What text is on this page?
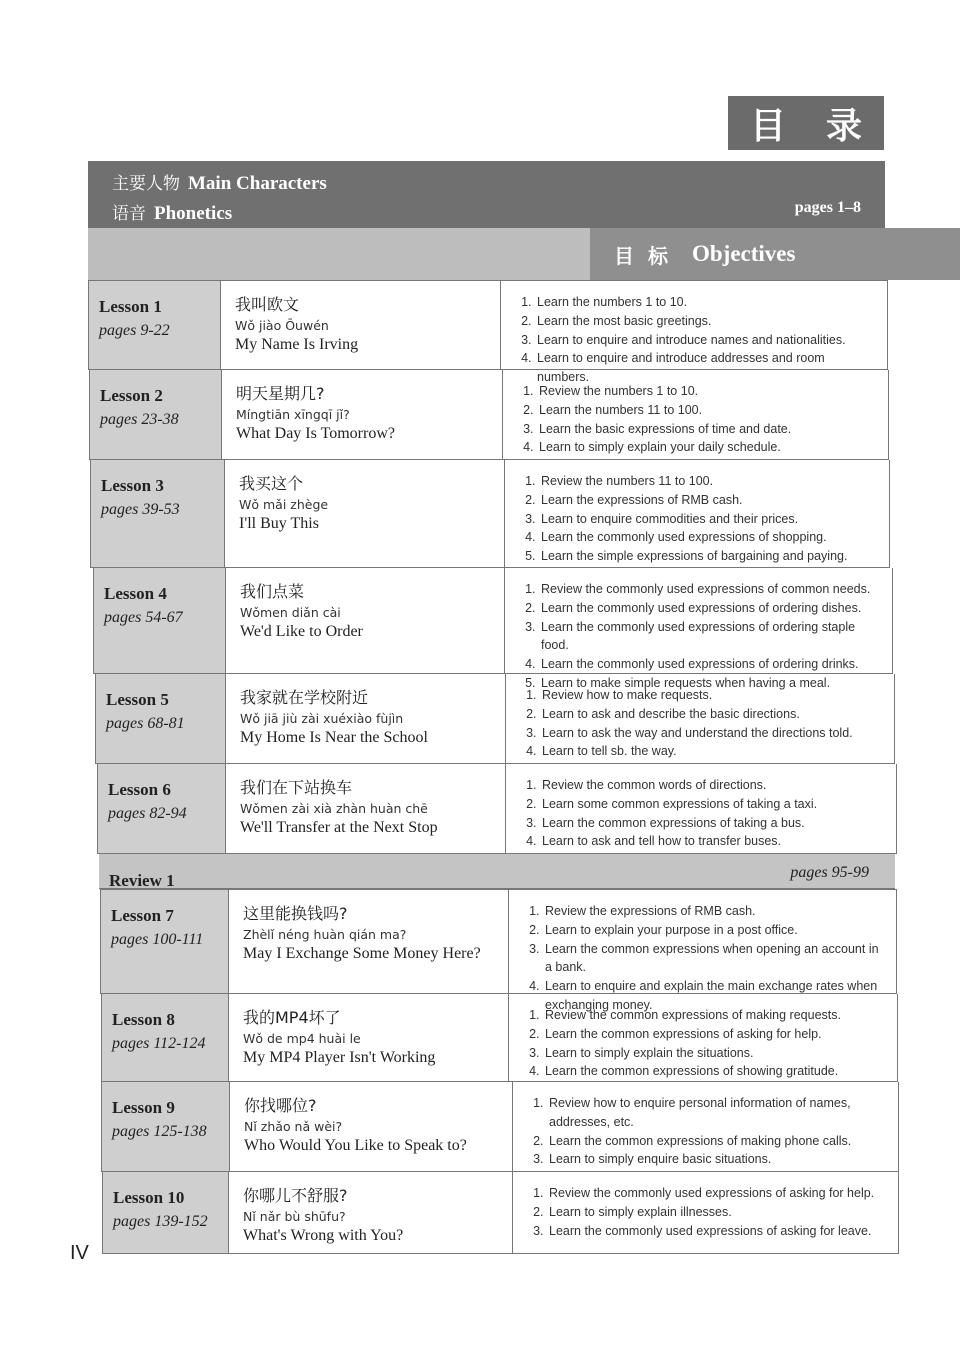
目 录
主要人物 Main Characters
语音 Phonetics	pages 1–8
目标 Objectives
Lesson 1
pages 9-22
我叫欧文
Wǒ jiào Ōuwén
My Name Is Irving
1. Learn the numbers 1 to 10.
2. Learn the most basic greetings.
3. Learn to enquire and introduce names and nationalities.
4. Learn to enquire and introduce addresses and room numbers.
Lesson 2
pages 23-38
明天星期几?
Míngtiān xīngqī jǐ?
What Day Is Tomorrow?
1. Review the numbers 1 to 10.
2. Learn the numbers 11 to 100.
3. Learn the basic expressions of time and date.
4. Learn to simply explain your daily schedule.
Lesson 3
pages 39-53
我买这个
Wǒ mǎi zhège
I'll Buy This
1. Review the numbers 11 to 100.
2. Learn the expressions of RMB cash.
3. Learn to enquire commodities and their prices.
4. Learn the commonly used expressions of shopping.
5. Learn the simple expressions of bargaining and paying.
Lesson 4
pages 54-67
我们点菜
Wǒmen diǎn cài
We'd Like to Order
1. Review the commonly used expressions of common needs.
2. Learn the commonly used expressions of ordering dishes.
3. Learn the commonly used expressions of ordering staple food.
4. Learn the commonly used expressions of ordering drinks.
5. Learn to make simple requests when having a meal.
Lesson 5
pages 68-81
我家就在学校附近
Wǒ jiā jiù zài xuéxiào fùjìn
My Home Is Near the School
1. Review how to make requests.
2. Learn to ask and describe the basic directions.
3. Learn to ask the way and understand the directions told.
4. Learn to tell sb. the way.
Lesson 6
pages 82-94
我们在下站换车
Wǒmen zài xià zhàn huàn chē
We'll Transfer at the Next Stop
1. Review the common words of directions.
2. Learn some common expressions of taking a taxi.
3. Learn the common expressions of taking a bus.
4. Learn to ask and tell how to transfer buses.
Lesson 7
pages 100-111
这里能换钱吗?
Zhèlǐ néng huàn qián ma?
May I Exchange Some Money Here?
1. Review the expressions of RMB cash.
2. Learn to explain your purpose in a post office.
3. Learn the common expressions when opening an account in a bank.
4. Learn to enquire and explain the main exchange rates when exchanging money.
Lesson 8
pages 112-124
我的MP4坏了
Wǒ de mp4 huài le
My MP4 Player Isn't Working
1. Review the common expressions of making requests.
2. Learn the common expressions of asking for help.
3. Learn to simply explain the situations.
4. Learn the common expressions of showing gratitude.
Lesson 9
pages 125-138
你找哪位?
Nǐ zhǎo nǎ wèi?
Who Would You Like to Speak to?
1. Review how to enquire personal information of names, addresses, etc.
2. Learn the common expressions of making phone calls.
3. Learn to simply enquire basic situations.
Lesson 10
pages 139-152
你哪儿不舒服?
Nǐ nǎr bù shūfu?
What's Wrong with You?
1. Review the commonly used expressions of asking for help.
2. Learn to simply explain illnesses.
3. Learn the commonly used expressions of asking for leave.
Review 1	pages 95-99
IV
